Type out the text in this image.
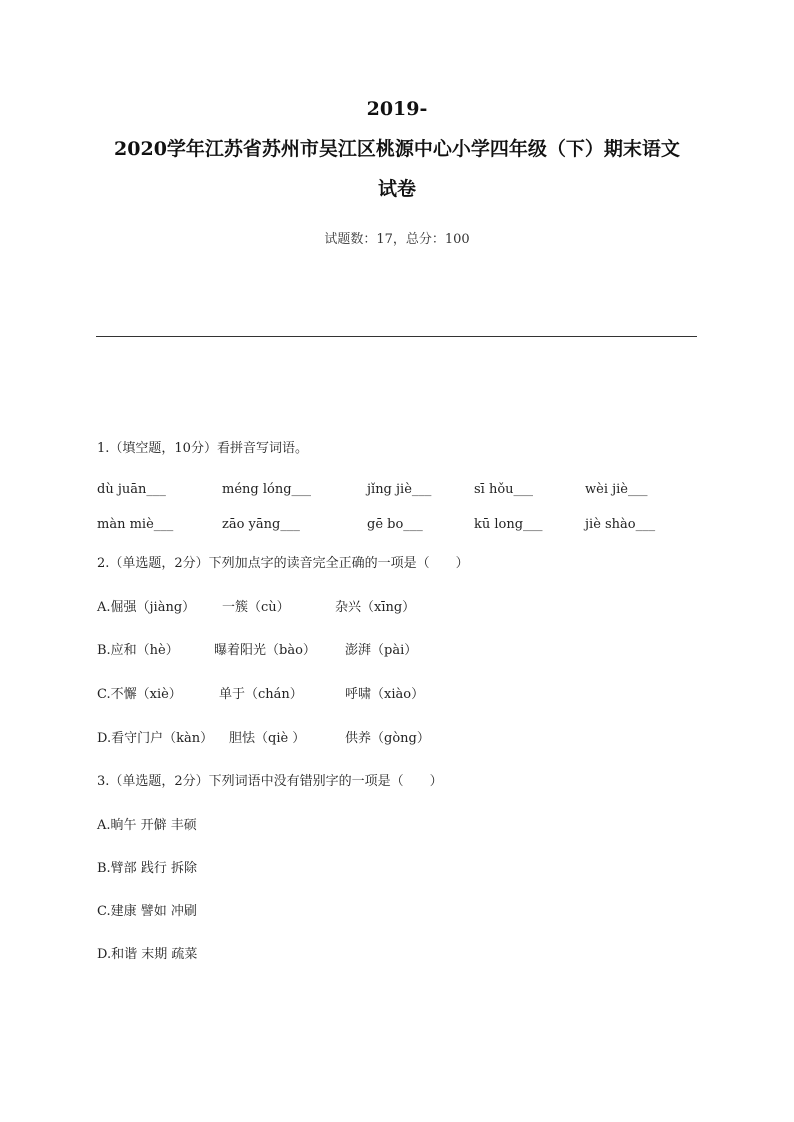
2019-
2020学年江苏省苏州市吴江区桃源中心小学四年级（下）期末语文
试卷
试题数：17，总分：100
1.（填空题，10分）看拼音写词语。
dù juān___	méng lóng___	jǐng jiè___	sī hǒu___	wèi jiè___
màn miè___	zāo yāng___	gē bo___	kū long___	jiè shào___
2.（单选题，2分）下列加点字的读音完全正确的一项是（　　）
A.倔强（jiàng） 一簇（cù）	杂兴（xīng）
B.应和（hè）	曝着阳光（bào） 澎湃（pài）
C.不懈（xiè）	单于（chán）	呼啸（xiào）
D.看守门户（kàn） 胆怯（qiè ）	供养（gòng）
3.（单选题，2分）下列词语中没有错别字的一项是（　　）
A.晌午 开僻 丰硕
B.臂部 践行 拆除
C.建康 譬如 冲刷
D.和谐 末期 疏菜
